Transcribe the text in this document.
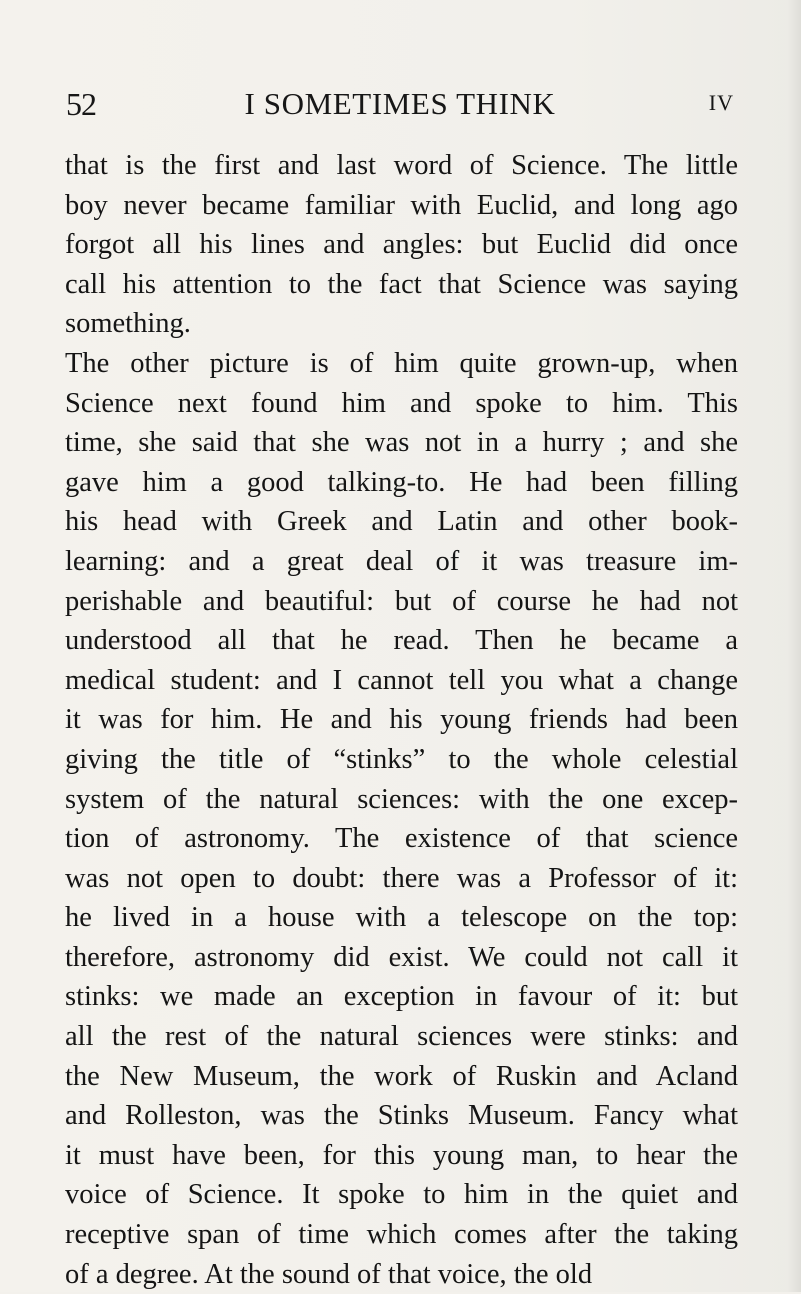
52	I SOMETIMES THINK	IV
that is the first and last word of Science. The little
boy never became familiar with Euclid, and long ago
forgot all his lines and angles: but Euclid did once
call his attention to the fact that Science was saying
something.
The other picture is of him quite grown-up, when
Science next found him and spoke to him. This
time, she said that she was not in a hurry ; and she
gave him a good talking-to. He had been filling
his head with Greek and Latin and other book-
learning: and a great deal of it was treasure im-
perishable and beautiful: but of course he had not
understood all that he read. Then he became a
medical student: and I cannot tell you what a change
it was for him. He and his young friends had been
giving the title of “stinks” to the whole celestial
system of the natural sciences: with the one excep-
tion of astronomy. The existence of that science
was not open to doubt: there was a Professor of it:
he lived in a house with a telescope on the top:
therefore, astronomy did exist. We could not call it
stinks: we made an exception in favour of it: but
all the rest of the natural sciences were stinks: and
the New Museum, the work of Ruskin and Acland
and Rolleston, was the Stinks Museum. Fancy what
it must have been, for this young man, to hear the
voice of Science. It spoke to him in the quiet and
receptive span of time which comes after the taking
of a degree. At the sound of that voice, the old
